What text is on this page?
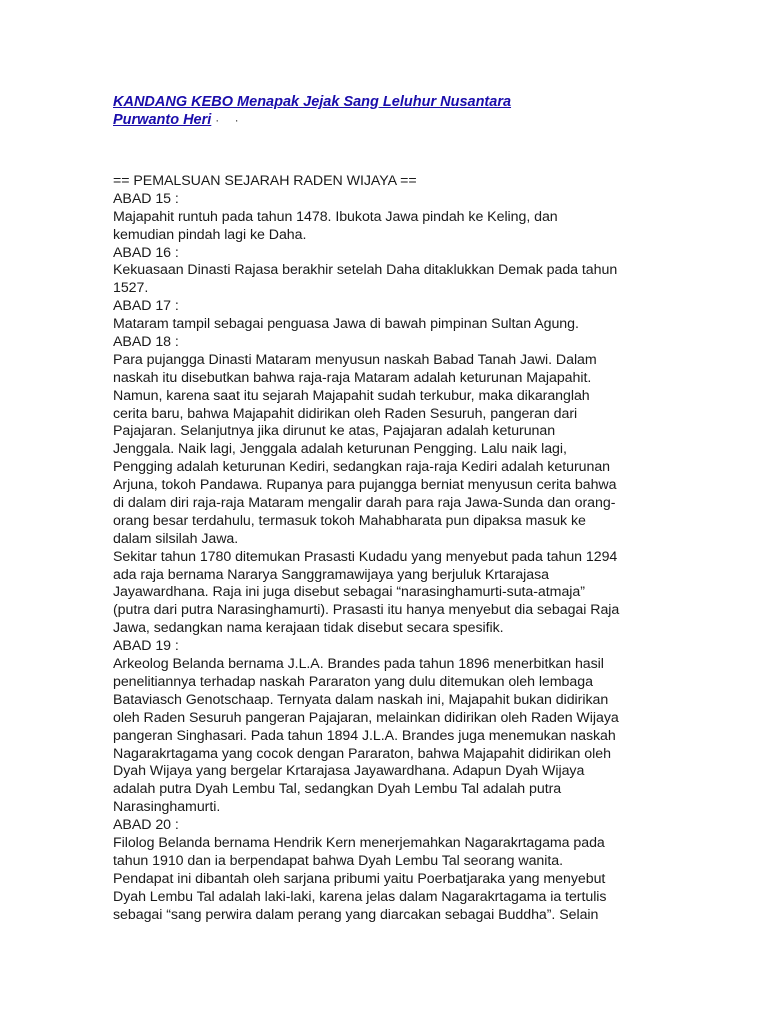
KANDANG KEBO Menapak Jejak Sang Leluhur Nusantara
Purwanto Heri · ·
== PEMALSUAN SEJARAH RADEN WIJAYA ==
ABAD 15 :
Majapahit runtuh pada tahun 1478. Ibukota Jawa pindah ke Keling, dan
kemudian pindah lagi ke Daha.
ABAD 16 :
Kekuasaan Dinasti Rajasa berakhir setelah Daha ditaklukkan Demak pada tahun
1527.
ABAD 17 :
Mataram tampil sebagai penguasa Jawa di bawah pimpinan Sultan Agung.
ABAD 18 :
Para pujangga Dinasti Mataram menyusun naskah Babad Tanah Jawi. Dalam
naskah itu disebutkan bahwa raja-raja Mataram adalah keturunan Majapahit.
Namun, karena saat itu sejarah Majapahit sudah terkubur, maka dikaranglah
cerita baru, bahwa Majapahit didirikan oleh Raden Sesuruh, pangeran dari
Pajajaran. Selanjutnya jika dirunut ke atas, Pajajaran adalah keturunan
Jenggala. Naik lagi, Jenggala adalah keturunan Pengging. Lalu naik lagi,
Pengging adalah keturunan Kediri, sedangkan raja-raja Kediri adalah keturunan
Arjuna, tokoh Pandawa. Rupanya para pujangga berniat menyusun cerita bahwa
di dalam diri raja-raja Mataram mengalir darah para raja Jawa-Sunda dan orang-
orang besar terdahulu, termasuk tokoh Mahabharata pun dipaksa masuk ke
dalam silsilah Jawa.
Sekitar tahun 1780 ditemukan Prasasti Kudadu yang menyebut pada tahun 1294
ada raja bernama Nararya Sanggramawijaya yang berjuluk Krtarajasa
Jayawardhana. Raja ini juga disebut sebagai “narasinghamurti-suta-atmaja”
(putra dari putra Narasinghamurti). Prasasti itu hanya menyebut dia sebagai Raja
Jawa, sedangkan nama kerajaan tidak disebut secara spesifik.
ABAD 19 :
Arkeolog Belanda bernama J.L.A. Brandes pada tahun 1896 menerbitkan hasil
penelitiannya terhadap naskah Pararaton yang dulu ditemukan oleh lembaga
Bataviasch Genotschaap. Ternyata dalam naskah ini, Majapahit bukan didirikan
oleh Raden Sesuruh pangeran Pajajaran, melainkan didirikan oleh Raden Wijaya
pangeran Singhasari. Pada tahun 1894 J.L.A. Brandes juga menemukan naskah
Nagarakrtagama yang cocok dengan Pararaton, bahwa Majapahit didirikan oleh
Dyah Wijaya yang bergelar Krtarajasa Jayawardhana. Adapun Dyah Wijaya
adalah putra Dyah Lembu Tal, sedangkan Dyah Lembu Tal adalah putra
Narasinghamurti.
ABAD 20 :
Filolog Belanda bernama Hendrik Kern menerjemahkan Nagarakrtagama pada
tahun 1910 dan ia berpendapat bahwa Dyah Lembu Tal seorang wanita.
Pendapat ini dibantah oleh sarjana pribumi yaitu Poerbatjaraka yang menyebut
Dyah Lembu Tal adalah laki-laki, karena jelas dalam Nagarakrtagama ia tertulis
sebagai “sang perwira dalam perang yang diarcakan sebagai Buddha”. Selain
